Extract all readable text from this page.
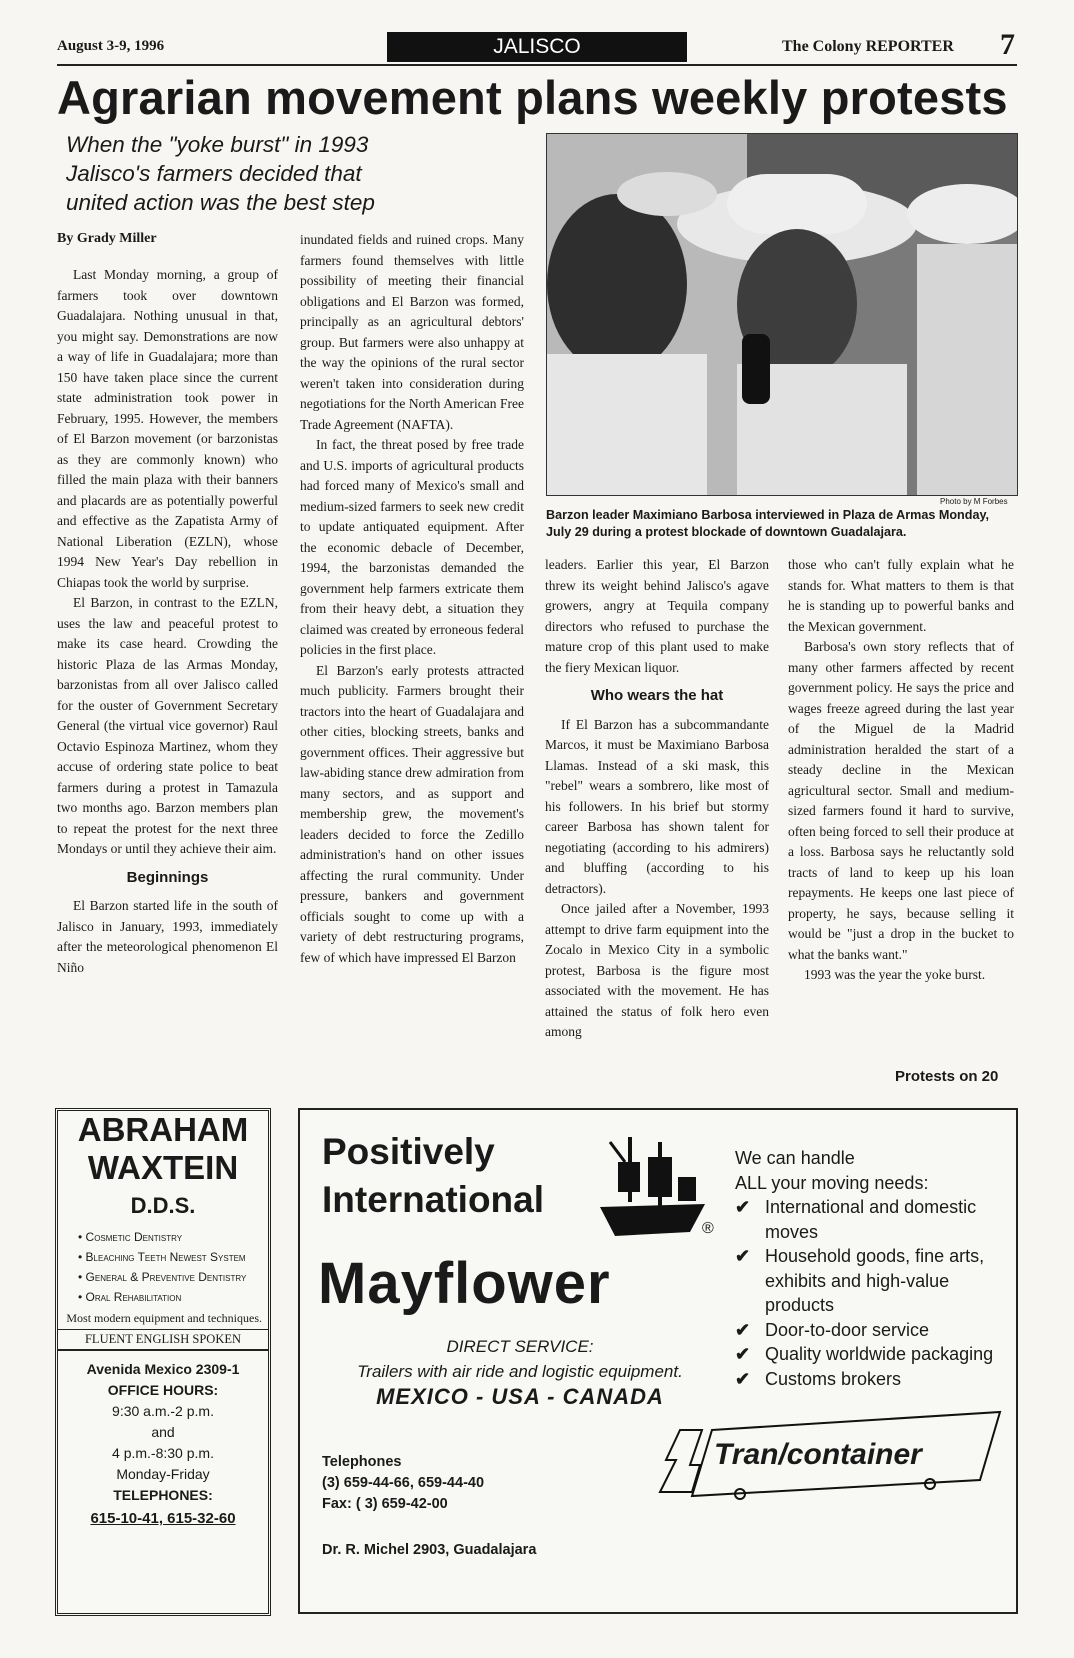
August 3-9, 1996	JALISCO	The Colony REPORTER 7
Agrarian movement plans weekly protests
When the "yoke burst" in 1993 Jalisco's farmers decided that united action was the best step
By Grady Miller

Last Monday morning, a group of farmers took over downtown Guadalajara. Nothing unusual in that, you might say. Demonstrations are now a way of life in Guadalajara; more than 150 have taken place since the current state administration took power in February, 1995. However, the members of El Barzon movement (or barzonistas as they are commonly known) who filled the main plaza with their banners and placards are as potentially powerful and effective as the Zapatista Army of National Liberation (EZLN), whose 1994 New Year's Day rebellion in Chiapas took the world by surprise.

El Barzon, in contrast to the EZLN, uses the law and peaceful protest to make its case heard. Crowding the historic Plaza de las Armas Monday, barzonistas from all over Jalisco called for the ouster of Government Secretary General (the virtual vice governor) Raul Octavio Espinoza Martinez, whom they accuse of ordering state police to beat farmers during a protest in Tamazula two months ago. Barzon members plan to repeat the protest for the next three Mondays or until they achieve their aim.

Beginnings

El Barzon started life in the south of Jalisco in January, 1993, immediately after the meteorological phenomenon El Niño

inundated fields and ruined crops. Many farmers found themselves with little possibility of meeting their financial obligations and El Barzon was formed, principally as an agricultural debtors' group. But farmers were also unhappy at the way the opinions of the rural sector weren't taken into consideration during negotiations for the North American Free Trade Agreement (NAFTA).

In fact, the threat posed by free trade and U.S. imports of agricultural products had forced many of Mexico's small and medium-sized farmers to seek new credit to update antiquated equipment. After the economic debacle of December, 1994, the barzonistas demanded the government help farmers extricate them from their heavy debt, a situation they claimed was created by erroneous federal policies in the first place.

El Barzon's early protests attracted much publicity. Farmers brought their tractors into the heart of Guadalajara and other cities, blocking streets, banks and government offices. Their aggressive but law-abiding stance drew admiration from many sectors, and as support and membership grew, the movement's leaders decided to force the Zedillo administration's hand on other issues affecting the rural community. Under pressure, bankers and government officials sought to come up with a variety of debt restructuring programs, few of which have impressed El Barzon

Photo by M Forbes
Barzon leader Maximiano Barbosa interviewed in Plaza de Armas Monday, July 29 during a protest blockade of downtown Guadalajara.

leaders. Earlier this year, El Barzon threw its weight behind Jalisco's agave growers, angry at Tequila company directors who refused to purchase the mature crop of this plant used to make the fiery Mexican liquor.

Who wears the hat

If El Barzon has a subcommandante Marcos, it must be Maximiano Barbosa Llamas. Instead of a ski mask, this "rebel" wears a sombrero, like most of his followers. In his brief but stormy career Barbosa has shown talent for negotiating (according to his admirers) and bluffing (according to his detractors).

Once jailed after a November, 1993 attempt to drive farm equipment into the Zocalo in Mexico City in a symbolic protest, Barbosa is the figure most associated with the movement. He has attained the status of folk hero even among

those who can't fully explain what he stands for. What matters to them is that he is standing up to powerful banks and the Mexican government.

Barbosa's own story reflects that of many other farmers affected by recent government policy. He says the price and wages freeze agreed during the last year of the Miguel de la Madrid administration heralded the start of a steady decline in the Mexican agricultural sector. Small and medium-sized farmers found it hard to survive, often being forced to sell their produce at a loss. Barbosa says he reluctantly sold tracts of land to keep up his loan repayments. He keeps one last piece of property, he says, because selling it would be "just a drop in the bucket to what the banks want."

1993 was the year the yoke burst.

Protests on 20
ABRAHAM
WAXTEIN
D.D.S.
• Cosmetic Dentistry
• Bleaching Teeth Newest System
• General & Preventive Dentistry
• Oral Rehabilitation
Most modern equipment and techniques.
FLUENT ENGLISH SPOKEN
Avenida Mexico 2309-1
OFFICE HOURS:
9:30 a.m.-2 p.m.
and
4 p.m.-8:30 p.m.
Monday-Friday
TELEPHONES:
615-10-41, 615-32-60
Positively
International
®
Mayflower
DIRECT SERVICE:
Trailers with air ride and logistic equipment.
MEXICO - USA - CANADA
We can handle
ALL your moving needs:
✔ International and domestic moves
✔ Household goods, fine arts, exhibits and high-value products
✔ Door-to-door service
✔ Quality worldwide packaging
✔ Customs brokers
Tran/container
Telephones
(3) 659-44-66, 659-44-40
Fax: ( 3) 659-42-00
Dr. R. Michel 2903, Guadalajara
